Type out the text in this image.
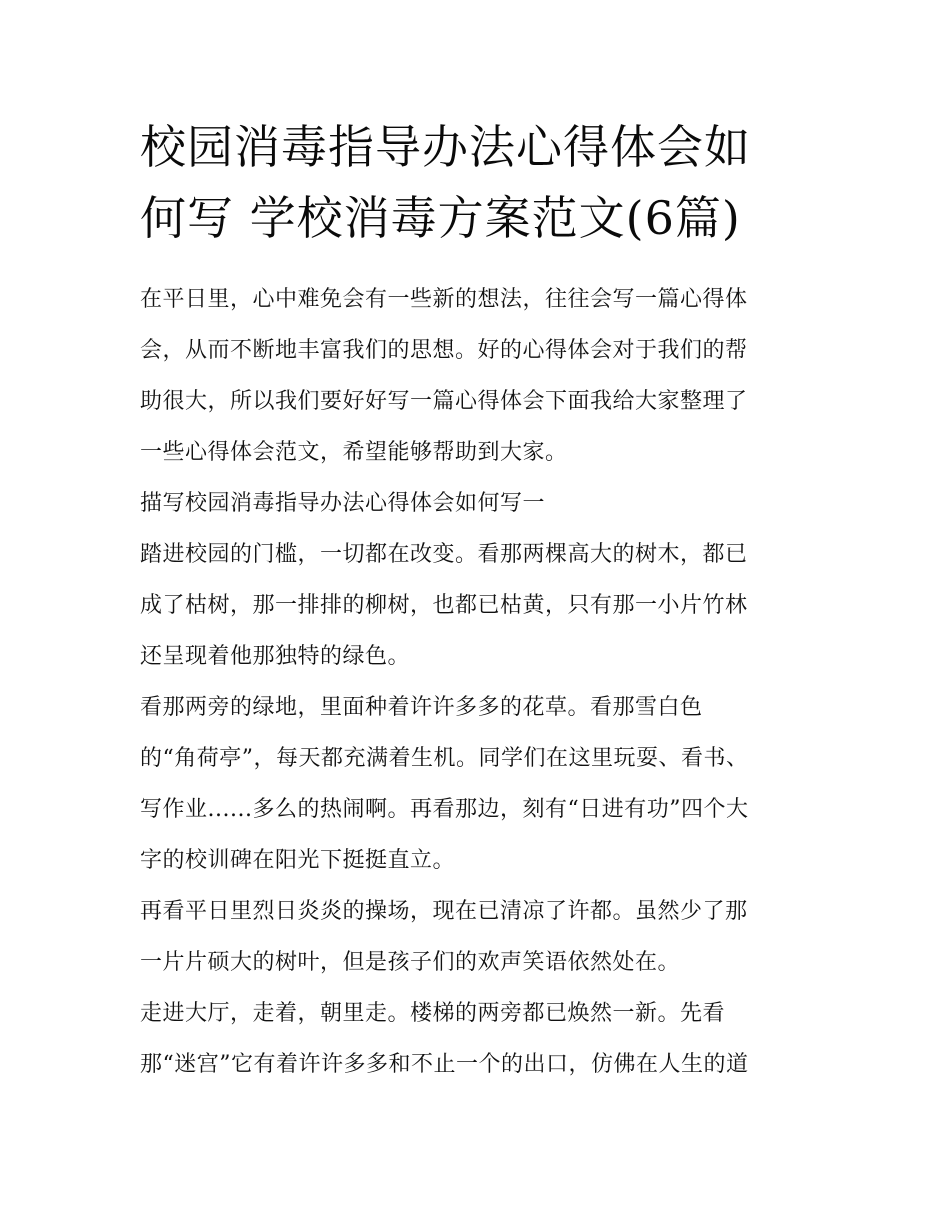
校园消毒指导办法心得体会如
何写 学校消毒方案范文(6篇)

在平日里，心中难免会有一些新的想法，往往会写一篇心得体
会，从而不断地丰富我们的思想。好的心得体会对于我们的帮
助很大，所以我们要好好写一篇心得体会下面我给大家整理了
一些心得体会范文，希望能够帮助到大家。

描写校园消毒指导办法心得体会如何写一

踏进校园的门槛，一切都在改变。看那两棵高大的树木，都已
成了枯树，那一排排的柳树，也都已枯黄，只有那一小片竹林
还呈现着他那独特的绿色。

看那两旁的绿地，里面种着许许多多的花草。看那雪白色
的“角荷亭”，每天都充满着生机。同学们在这里玩耍、看书、
写作业......多么的热闹啊。再看那边，刻有“日进有功”四个大
字的校训碑在阳光下挺挺直立。

再看平日里烈日炎炎的操场，现在已清凉了许都。虽然少了那
一片片硕大的树叶，但是孩子们的欢声笑语依然处在。

走进大厅，走着，朝里走。楼梯的两旁都已焕然一新。先看
那“迷宫”它有着许许多多和不止一个的出口，仿佛在人生的道
